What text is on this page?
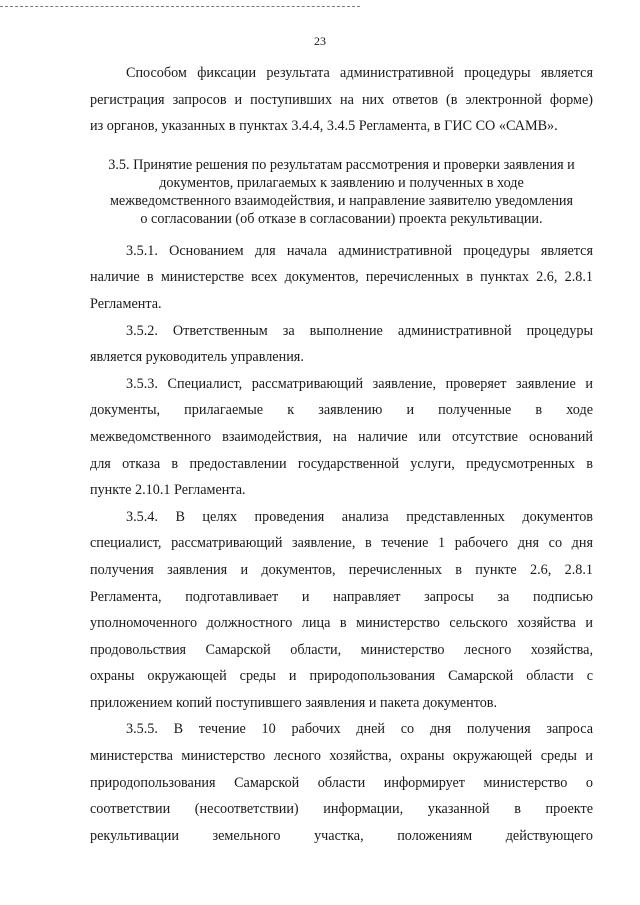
23

Способом фиксации результата административной процедуры является
регистрация запросов и поступивших на них ответов (в электронной форме)
из органов, указанных в пунктах 3.4.4, 3.4.5 Регламента, в ГИС СО «САМВ».

3.5. Принятие решения по результатам рассмотрения и проверки заявления и
документов, прилагаемых к заявлению и полученных в ходе
межведомственного взаимодействия, и направление заявителю уведомления
о согласовании (об отказе в согласовании) проекта рекультивации.

3.5.1. Основанием для начала административной процедуры является
наличие в министерстве всех документов, перечисленных в пунктах 2.6, 2.8.1
Регламента.

3.5.2. Ответственным за выполнение административной процедуры
является руководитель управления.

3.5.3. Специалист, рассматривающий заявление, проверяет заявление и
документы, прилагаемые к заявлению и полученные в ходе
межведомственного взаимодействия, на наличие или отсутствие оснований
для отказа в предоставлении государственной услуги, предусмотренных в
пункте 2.10.1 Регламента.

3.5.4. В целях проведения анализа представленных документов
специалист, рассматривающий заявление, в течение 1 рабочего дня со дня
получения заявления и документов, перечисленных в пункте 2.6, 2.8.1
Регламента, подготавливает и направляет запросы за подписью
уполномоченного должностного лица в министерство сельского хозяйства и
продовольствия Самарской области, министерство лесного хозяйства,
охраны окружающей среды и природопользования Самарской области с
приложением копий поступившего заявления и пакета документов.

3.5.5. В течение 10 рабочих дней со дня получения запроса
министерства министерство лесного хозяйства, охраны окружающей среды и
природопользования Самарской области информирует министерство о
соответствии (несоответствии) информации, указанной в проекте
рекультивации земельного участка, положениям действующего
